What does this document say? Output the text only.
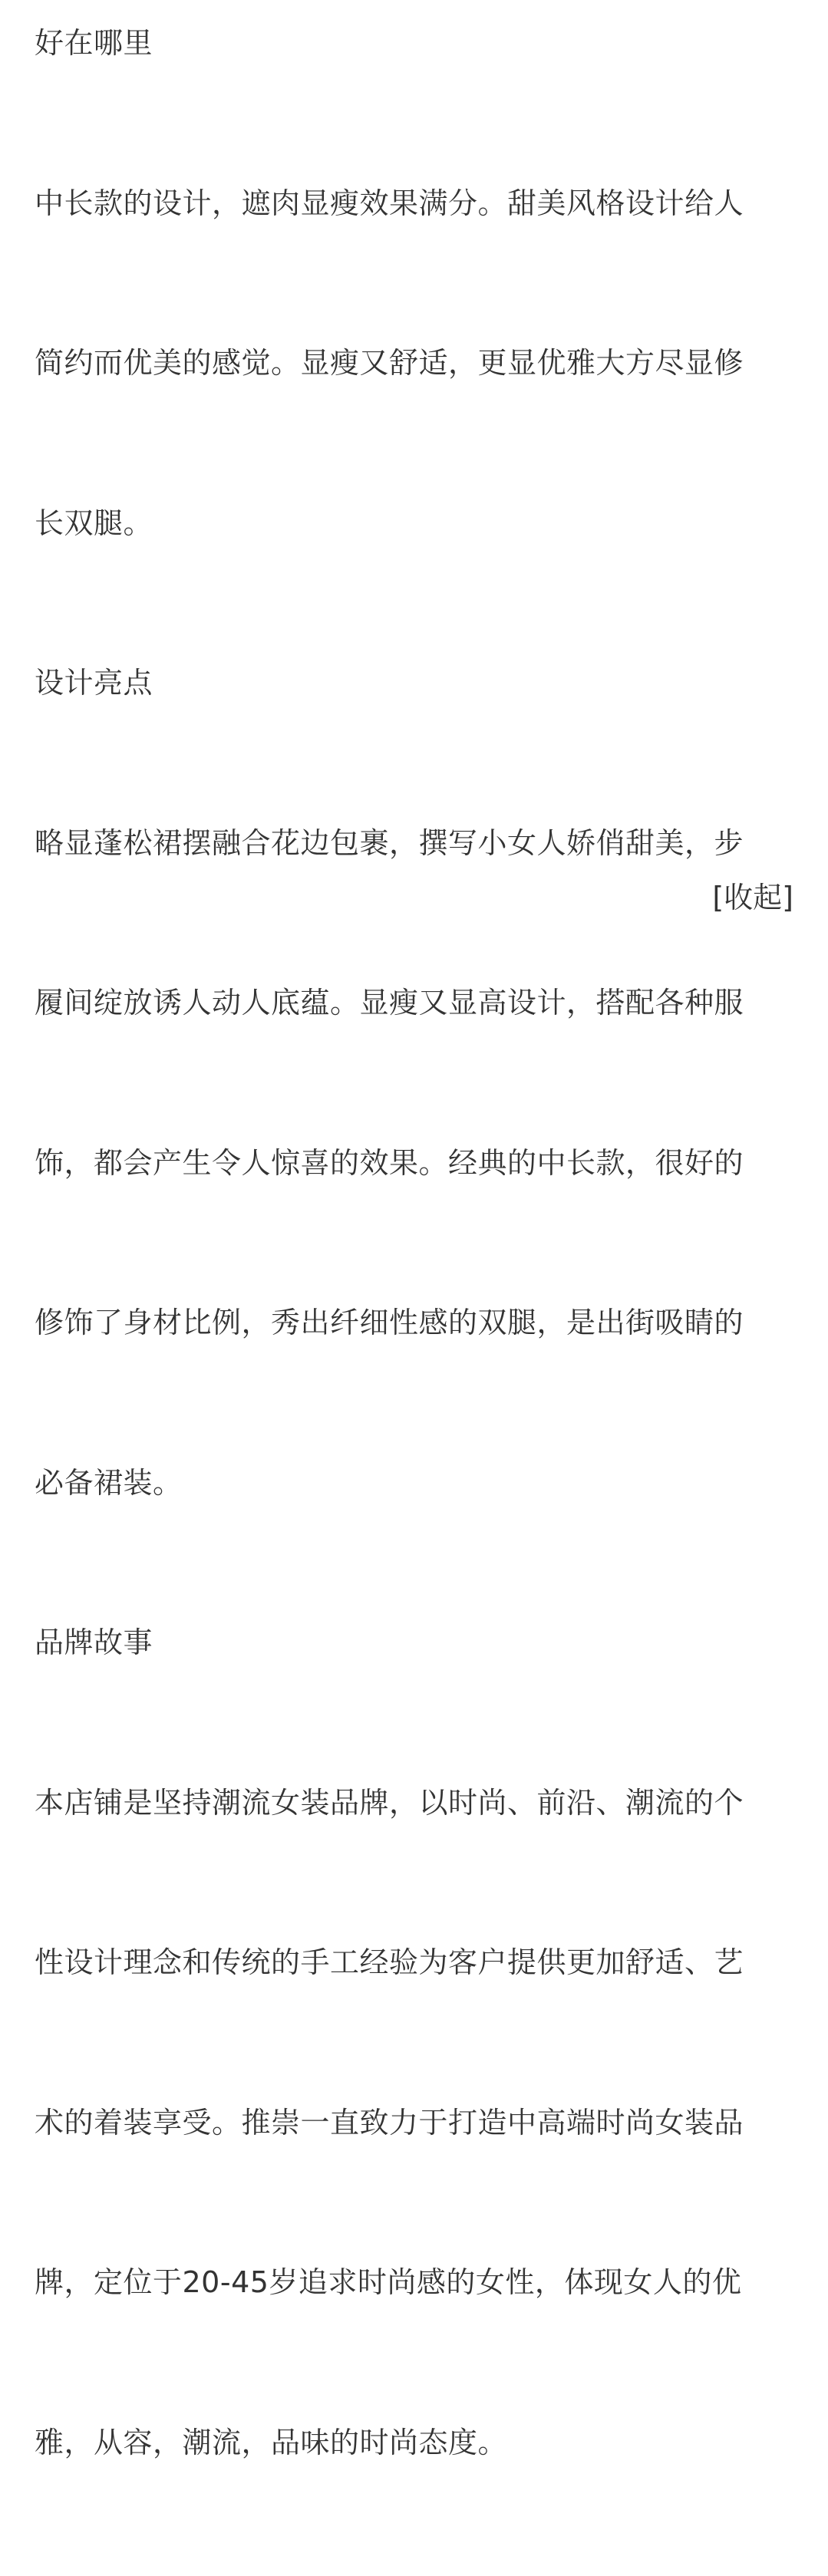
好在哪里

中长款的设计，遮肉显瘦效果满分。甜美风格设计给人

简约而优美的感觉。显瘦又舒适，更显优雅大方尽显修

长双腿。

设计亮点

略显蓬松裙摆融合花边包裹，撰写小女人娇俏甜美，步

履间绽放诱人动人底蕴。显瘦又显高设计，搭配各种服

饰，都会产生令人惊喜的效果。经典的中长款，很好的

修饰了身材比例，秀出纤细性感的双腿，是出街吸睛的

必备裙装。

品牌故事

本店铺是坚持潮流女装品牌，以时尚、前沿、潮流的个

性设计理念和传统的手工经验为客户提供更加舒适、艺

术的着装享受。推崇一直致力于打造中高端时尚女装品

牌，定位于20-45岁追求时尚感的女性，体现女人的优

雅，从容，潮流，品味的时尚态度。

[收起]
